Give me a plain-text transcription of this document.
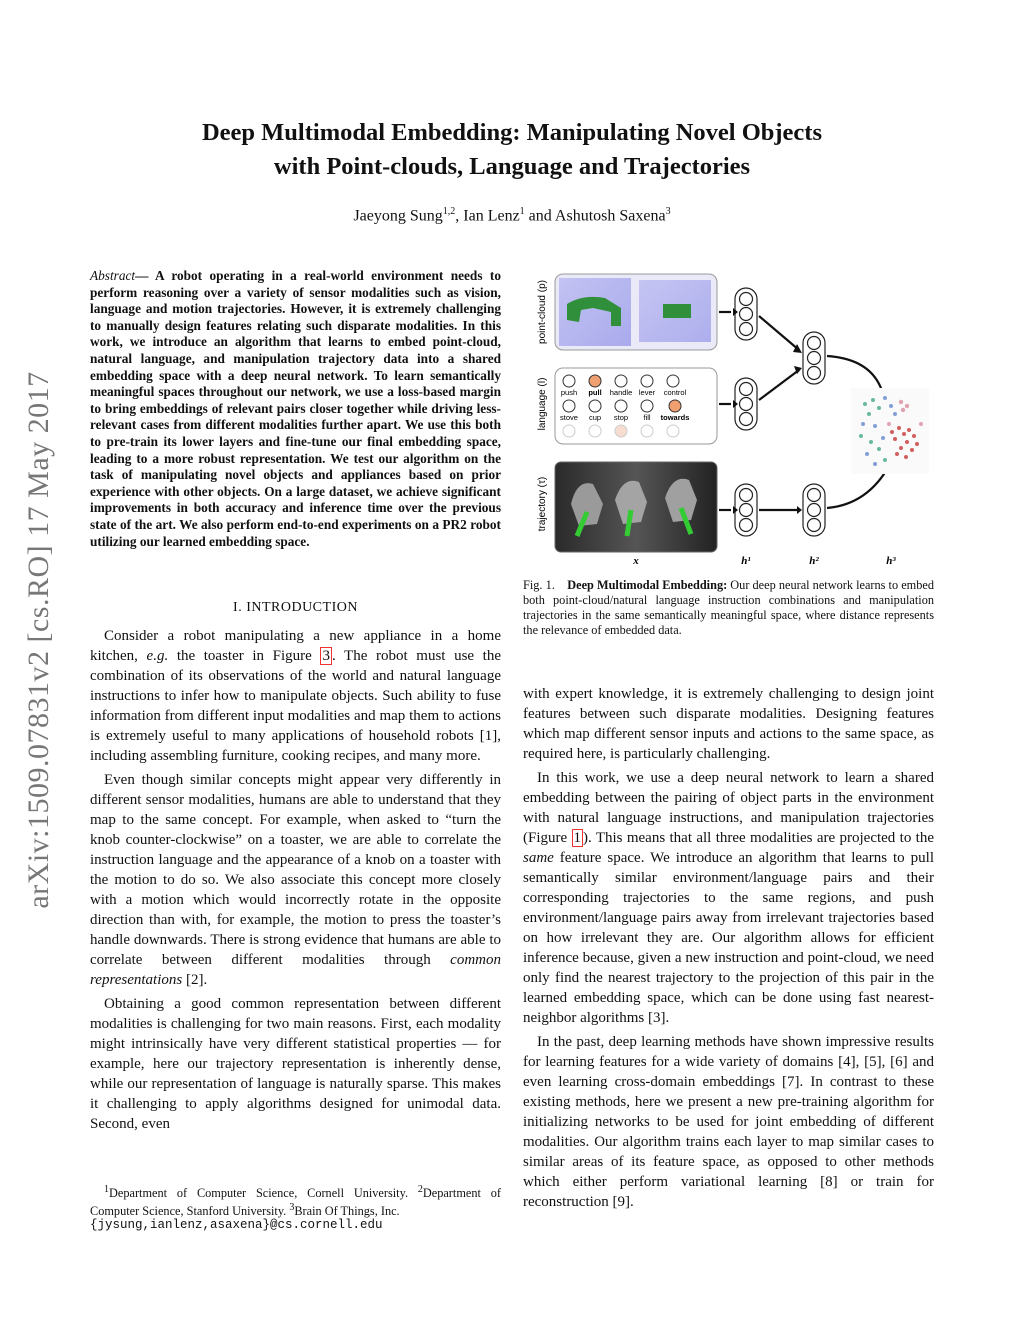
arXiv:1509.07831v2 [cs.RO] 17 May 2017
Deep Multimodal Embedding: Manipulating Novel Objects
with Point-clouds, Language and Trajectories
Jaeyong Sung$^{1,2}$, Ian Lenz$^1$ and Ashutosh Saxena$^3$
Abstract— A robot operating in a real-world environment needs to perform reasoning over a variety of sensor modalities such as vision, language and motion trajectories. However, it is extremely challenging to manually design features relating such disparate modalities. In this work, we introduce an algorithm that learns to embed point-cloud, natural language, and manipulation trajectory data into a shared embedding space with a deep neural network. To learn semantically meaningful spaces throughout our network, we use a loss-based margin to bring embeddings of relevant pairs closer together while driving less-relevant cases from different modalities further apart. We use this both to pre-train its lower layers and fine-tune our final embedding space, leading to a more robust representation. We test our algorithm on the task of manipulating novel objects and appliances based on prior experience with other objects. On a large dataset, we achieve significant improvements in both accuracy and inference time over the previous state of the art. We also perform end-to-end experiments on a PR2 robot utilizing our learned embedding space.
I. INTRODUCTION

Consider a robot manipulating a new appliance in a home kitchen, e.g. the toaster in Figure 3 . The robot must use the combination of its observations of the world and natural language instructions to infer how to manipulate objects. Such ability to fuse information from different input modalities and map them to actions is extremely useful to many applications of household robots [1], including assembling furniture, cooking recipes, and many more.

Even though similar concepts might appear very differently in different sensor modalities, humans are able to understand that they map to the same concept. For example, when asked to “turn the knob counter-clockwise” on a toaster, we are able to correlate the instruction language and the appearance of a knob on a toaster with the motion to do so. We also associate this concept more closely with a motion which would incorrectly rotate in the opposite direction than with, for example, the motion to press the toaster’s handle downwards. There is strong evidence that humans are able to correlate between different modalities through common representations [2].

Obtaining a good common representation between different modalities is challenging for two main reasons. First, each modality might intrinsically have very different statistical properties — for example, here our trajectory representation is inherently dense, while our representation of language is naturally sparse. This makes it challenging to apply algorithms designed for unimodal data. Second, even

$^1$Department of Computer Science, Cornell University. $^2$Department of Computer Science, Stanford University. $^3$Brain Of Things, Inc.
{jysung,ianlenz,asaxena}@cs.cornell.edu
point-cloud (p)
language (l)
trajectory (τ)
push pull handle lever control
stove cup stop fill towards
x	h¹	h²	h³
Fig. 1. Deep Multimodal Embedding: Our deep neural network learns to embed both point-cloud/natural language instruction combinations and manipulation trajectories in the same semantically meaningful space, where distance represents the relevance of embedded data.

with expert knowledge, it is extremely challenging to design joint features between such disparate modalities. Designing features which map different sensor inputs and actions to the same space, as required here, is particularly challenging.

In this work, we use a deep neural network to learn a shared embedding between the pairing of object parts in the environment with natural language instructions, and manipulation trajectories (Figure 1 ). This means that all three modalities are projected to the same feature space. We introduce an algorithm that learns to pull semantically similar environment/language pairs and their corresponding trajectories to the same regions, and push environment/language pairs away from irrelevant trajectories based on how irrelevant they are. Our algorithm allows for efficient inference because, given a new instruction and point-cloud, we need only find the nearest trajectory to the projection of this pair in the learned embedding space, which can be done using fast nearest-neighbor algorithms [3].

In the past, deep learning methods have shown impressive results for learning features for a wide variety of domains [4], [5], [6] and even learning cross-domain embeddings [7]. In contrast to these existing methods, here we present a new pre-training algorithm for initializing networks to be used for joint embedding of different modalities. Our algorithm trains each layer to map similar cases to similar areas of its feature space, as opposed to other methods which either perform variational learning [8] or train for reconstruction [9].
